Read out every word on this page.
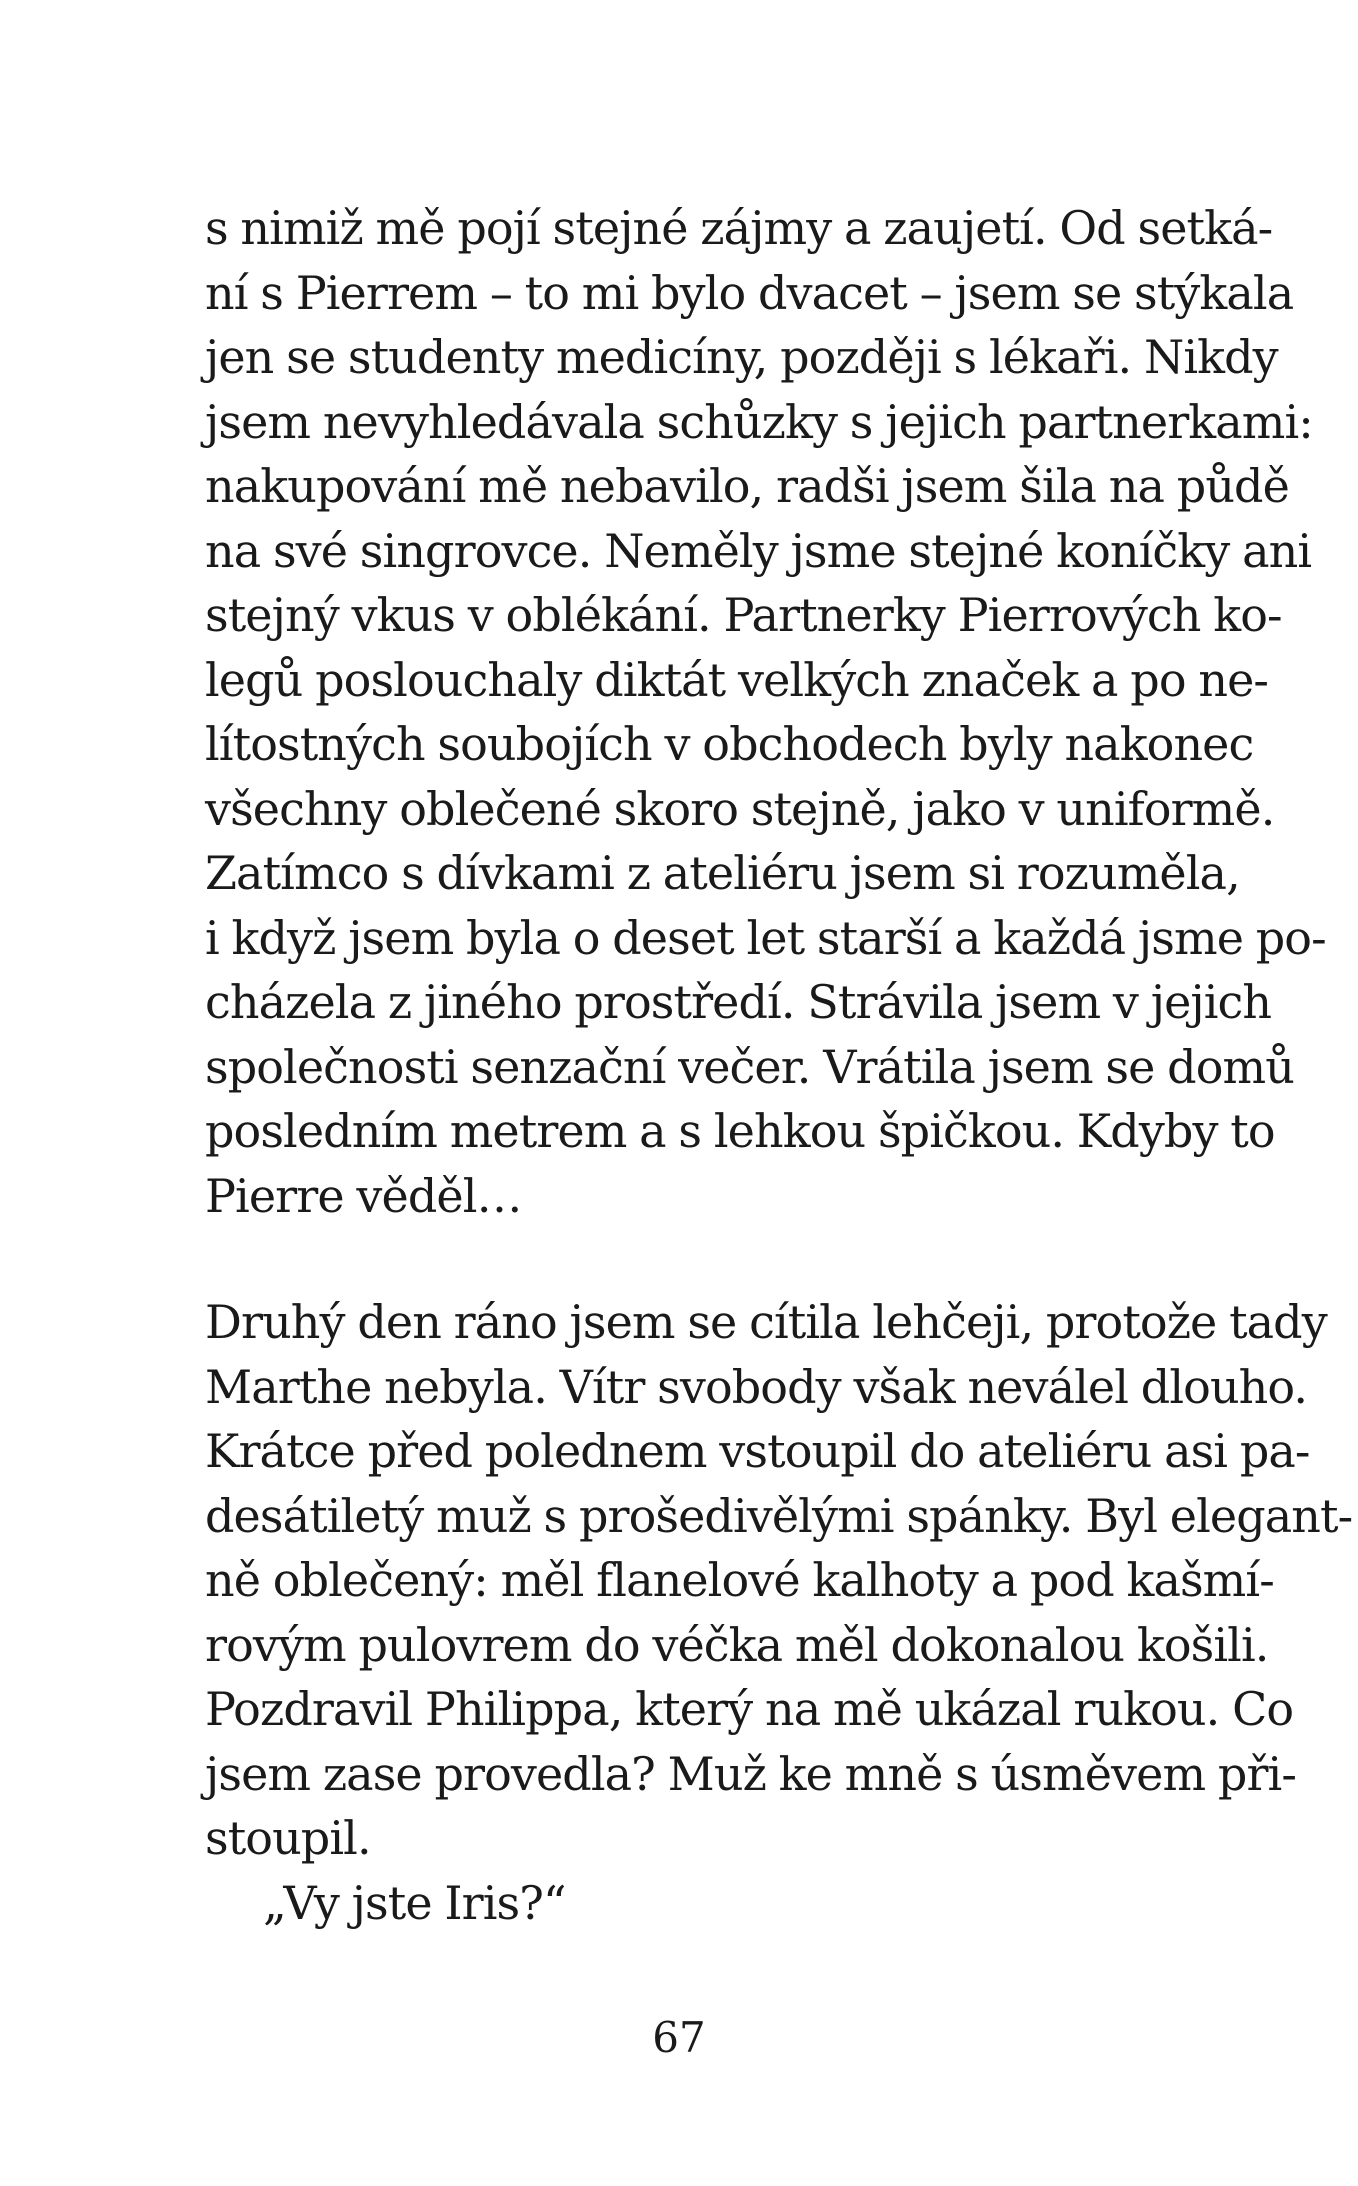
s nimiž mě pojí stejné zájmy a zaujetí. Od setká-
ní s Pierrem – to mi bylo dvacet – jsem se stýkala
jen se studenty medicíny, později s lékaři. Nikdy
jsem nevyhledávala schůzky s jejich partnerkami:
nakupování mě nebavilo, radši jsem šila na půdě
na své singrovce. Neměly jsme stejné koníčky ani
stejný vkus v oblékání. Partnerky Pierrových ko-
legů poslouchaly diktát velkých značek a po ne-
lítostných soubojích v obchodech byly nakonec
všechny oblečené skoro stejně, jako v uniformě.
Zatímco s dívkami z ateliéru jsem si rozuměla,
i když jsem byla o deset let starší a každá jsme po-
cházela z jiného prostředí. Strávila jsem v jejich
společnosti senzační večer. Vrátila jsem se domů
posledním metrem a s lehkou špičkou. Kdyby to
Pierre věděl…
Druhý den ráno jsem se cítila lehčeji, protože tady
Marthe nebyla. Vítr svobody však neválel dlouho.
Krátce před polednem vstoupil do ateliéru asi pa-
desátiletý muž s prošedivělými spánky. Byl elegant-
ně oblečený: měl flanelové kalhoty a pod kašmí-
rovým pulovrem do véčka měl dokonalou košili.
Pozdravil Philippa, který na mě ukázal rukou. Co
jsem zase provedla? Muž ke mně s úsměvem při-
stoupil.
„Vy jste Iris?“
67
